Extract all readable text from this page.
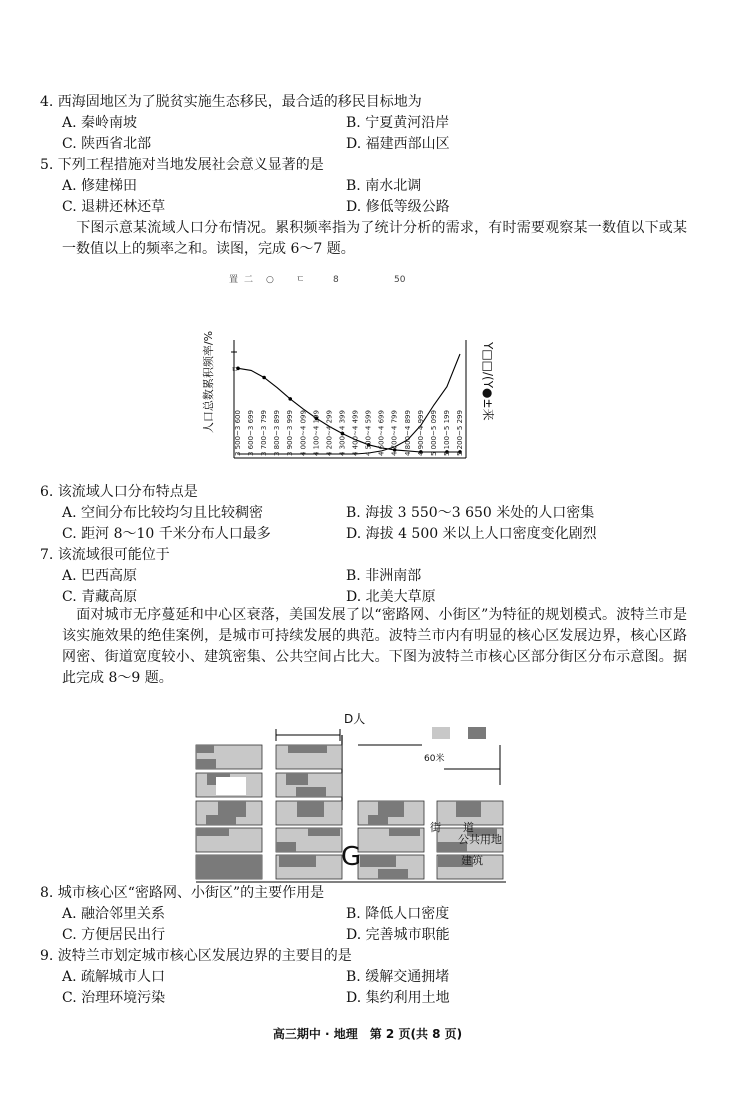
4. 西海固地区为了脱贫实施生态移民，最合适的移民目标地为
A. 秦岭南坡	B. 宁夏黄河沿岸
C. 陕西省北部	D. 福建西部山区
5. 下列工程措施对当地发展社会意义显著的是
A. 修建梯田	B. 南水北调
C. 退耕还林还草	D. 修低等级公路
下图示意某流域人口分布情况。累积频率指为了统计分析的需求，有时需要观察某一数值以下或某一数值以上的频率之和。读图，完成 6～7 题。
置 二 ○ ㄷ	8	50
人口总数累积频率/%	Y□□/(Y●±来
3 500~3 600 3 600~3 699 3 700~3 799 3 800~3 899 3 900~3 999 4 000~4 099 4 100~4 199 4 200~4 299 4 300~4 399 4 400~4 499 4 500~4 599 4 600~4 699 4 700~4 799 4 800~4 899 4 900~4 999 5 000~5 099 5 100~5 199 5 200~5 299
ㄷ
6. 该流域人口分布特点是
A. 空间分布比较均匀且比较稠密	B. 海拔 3 550～3 650 米处的人口密集
C. 距河 8～10 千米分布人口最多	D. 海拔 4 500 米以上人口密度变化剧烈
7. 该流域很可能位于
A. 巴西高原	B. 非洲南部
C. 青藏高原	D. 北美大草原
面对城市无序蔓延和中心区衰落，美国发展了以“密路网、小街区”为特征的规划模式。波特兰市是该实施效果的绝佳案例，是城市可持续发展的典范。波特兰市内有明显的核心区发展边界，核心区路网密、街道宽度较小、建筑密集、公共空间占比大。下图为波特兰市核心区部分街区分布示意图。据此完成 8～9 题。
D人
60米
街　　道
公共用地
建筑
G
8. 城市核心区“密路网、小街区”的主要作用是
A. 融洽邻里关系	B. 降低人口密度
C. 方便居民出行	D. 完善城市职能
9. 波特兰市划定城市核心区发展边界的主要目的是
A. 疏解城市人口	B. 缓解交通拥堵
C. 治理环境污染	D. 集约利用土地
高三期中 · 地理　第 2 页(共 8 页)
